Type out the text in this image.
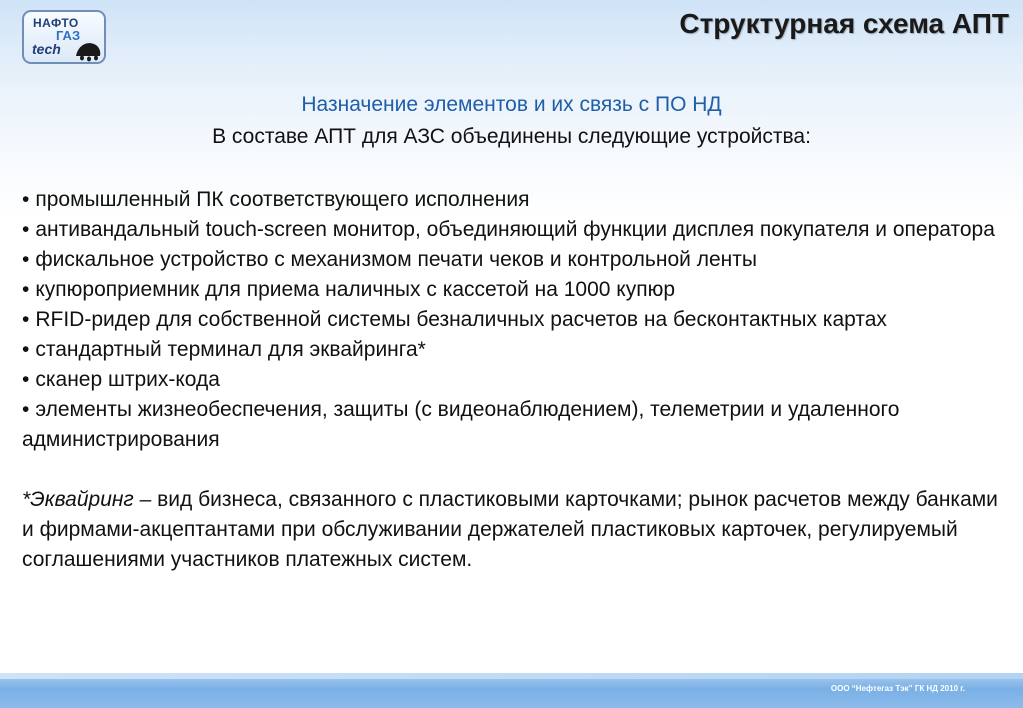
НАФТО
ГАЗ
tech
Структурная схема АПТ
Назначение элементов и их связь с ПО НД
В составе АПТ для АЗС объединены следующие устройства:

• промышленный ПК соответствующего исполнения

• антивандальный touch-screen монитор, объединяющий функции дисплея покупателя и оператора

• фискальное устройство с механизмом печати чеков и контрольной ленты

• купюроприемник для приема наличных с кассетой на 1000 купюр

• RFID-ридер для собственной системы безналичных расчетов на бесконтактных картах

• стандартный терминал для эквайринга*

• сканер штрих-кода

• элементы жизнеобеспечения, защиты (с видеонаблюдением), телеметрии и удаленного администрирования

*Эквайринг – вид бизнеса, связанного с пластиковыми карточками; рынок расчетов между банками и фирмами-акцептантами при обслуживании держателей пластиковых карточек, регулируемый соглашениями участников платежных систем.

ООО “Нефтегаз Тэк” ГК НД 2010 г.
